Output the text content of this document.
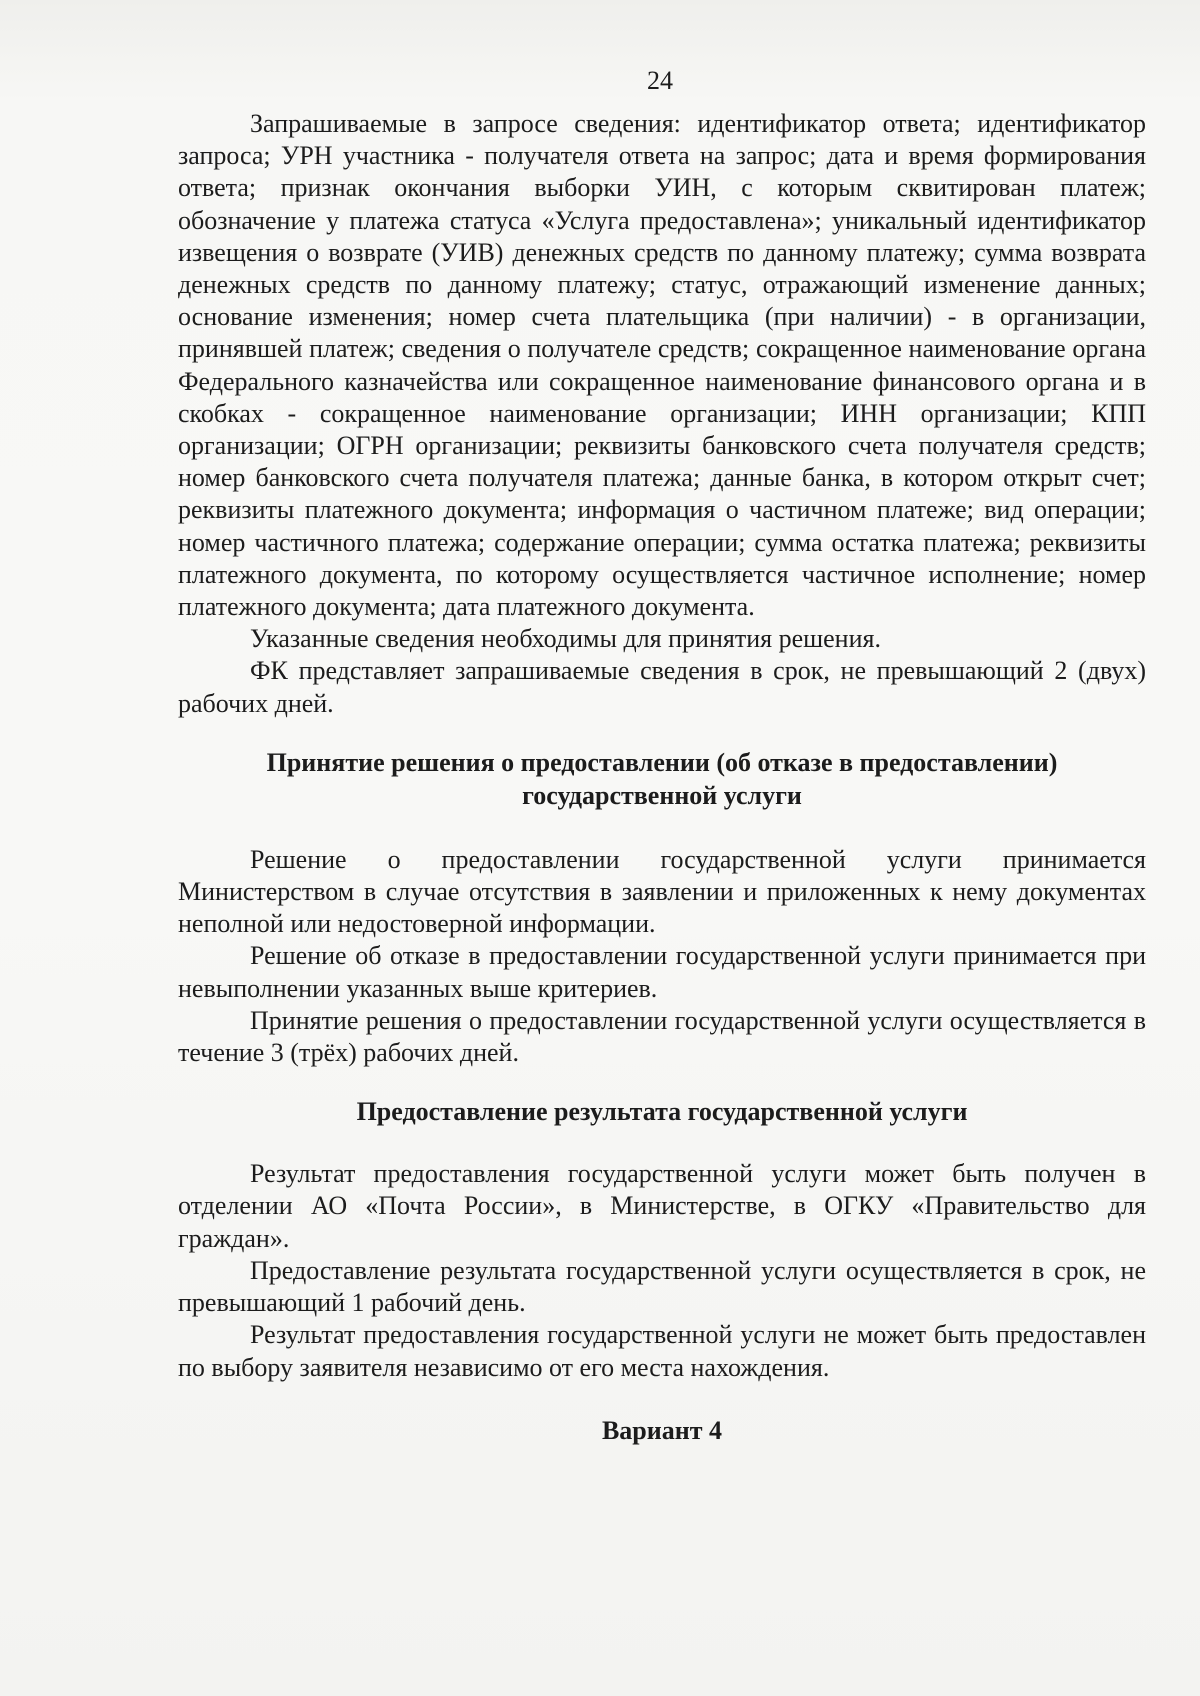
24

Запрашиваемые в запросе сведения: идентификатор ответа; идентификатор запроса; УРН участника - получателя ответа на запрос; дата и время формирования ответа; признак окончания выборки УИН, с которым сквитирован платеж; обозначение у платежа статуса «Услуга предоставлена»; уникальный идентификатор извещения о возврате (УИВ) денежных средств по данному платежу; сумма возврата денежных средств по данному платежу; статус, отражающий изменение данных; основание изменения; номер счета плательщика (при наличии) - в организации, принявшей платеж; сведения о получателе средств; сокращенное наименование органа Федерального казначейства или сокращенное наименование финансового органа и в скобках - сокращенное наименование организации; ИНН организации; КПП организации; ОГРН организации; реквизиты банковского счета получателя средств; номер банковского счета получателя платежа; данные банка, в котором открыт счет; реквизиты платежного документа; информация о частичном платеже; вид операции; номер частичного платежа; содержание операции; сумма остатка платежа; реквизиты платежного документа, по которому осуществляется частичное исполнение; номер платежного документа; дата платежного документа.

Указанные сведения необходимы для принятия решения.

ФК представляет запрашиваемые сведения в срок, не превышающий 2 (двух) рабочих дней.

Принятие решения о предоставлении (об отказе в предоставлении) государственной услуги

Решение о предоставлении государственной услуги принимается Министерством в случае отсутствия в заявлении и приложенных к нему документах неполной или недостоверной информации.

Решение об отказе в предоставлении государственной услуги принимается при невыполнении указанных выше критериев.

Принятие решения о предоставлении государственной услуги осуществляется в течение 3 (трёх) рабочих дней.

Предоставление результата государственной услуги

Результат предоставления государственной услуги может быть получен в отделении АО «Почта России», в Министерстве, в ОГКУ «Правительство для граждан».

Предоставление результата государственной услуги осуществляется в срок, не превышающий 1 рабочий день.

Результат предоставления государственной услуги не может быть предоставлен по выбору заявителя независимо от его места нахождения.

Вариант 4
